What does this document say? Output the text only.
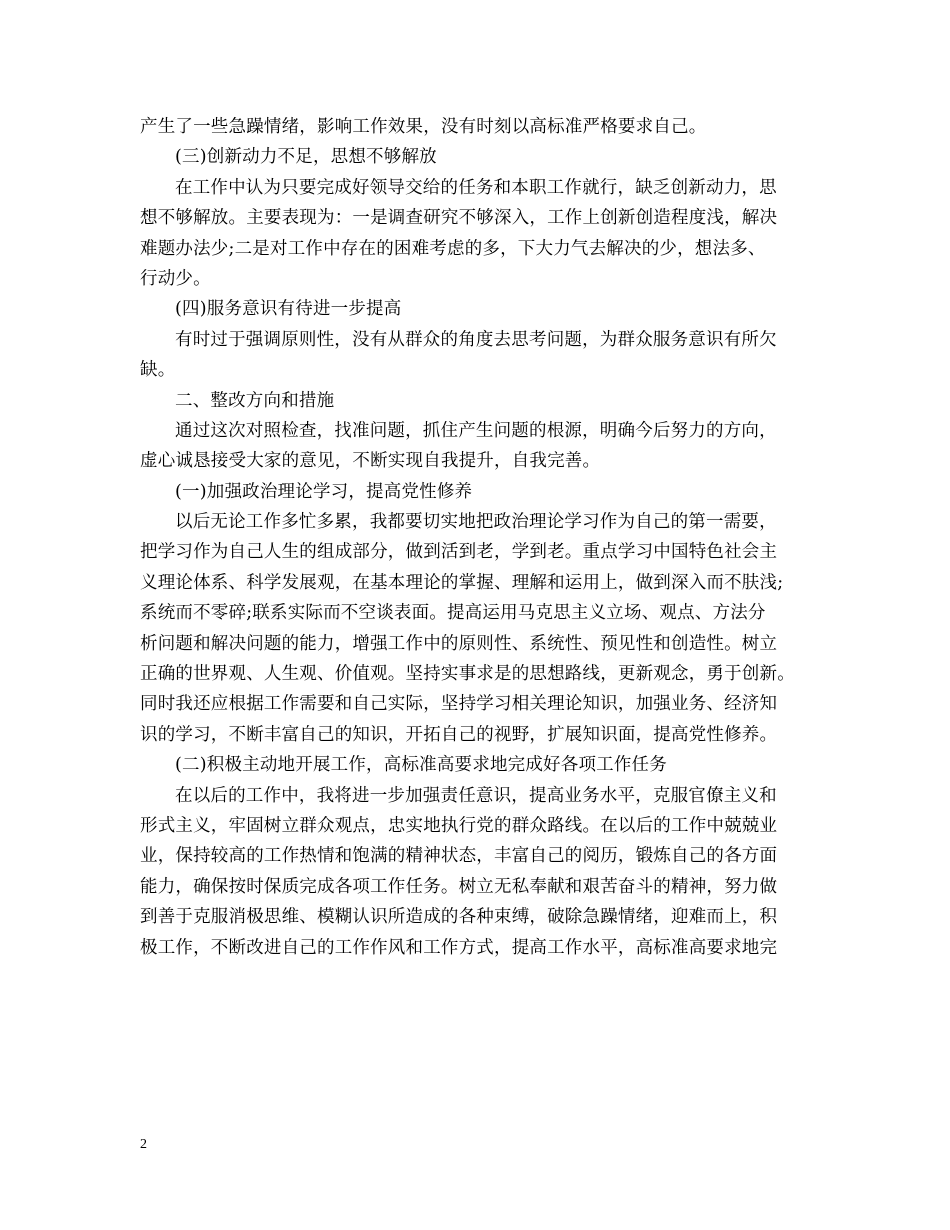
产生了一些急躁情绪，影响工作效果，没有时刻以高标准严格要求自己。
(三)创新动力不足，思想不够解放
在工作中认为只要完成好领导交给的任务和本职工作就行，缺乏创新动力，思
想不够解放。主要表现为：一是调查研究不够深入，工作上创新创造程度浅，解决
难题办法少;二是对工作中存在的困难考虑的多，下大力气去解决的少，想法多、
行动少。
(四)服务意识有待进一步提高
有时过于强调原则性，没有从群众的角度去思考问题，为群众服务意识有所欠
缺。
二、整改方向和措施
通过这次对照检查，找准问题，抓住产生问题的根源，明确今后努力的方向，
虚心诚恳接受大家的意见，不断实现自我提升，自我完善。
(一)加强政治理论学习，提高党性修养
以后无论工作多忙多累，我都要切实地把政治理论学习作为自己的第一需要，
把学习作为自己人生的组成部分，做到活到老，学到老。重点学习中国特色社会主
义理论体系、科学发展观，在基本理论的掌握、理解和运用上，做到深入而不肤浅;
系统而不零碎;联系实际而不空谈表面。提高运用马克思主义立场、观点、方法分
析问题和解决问题的能力，增强工作中的原则性、系统性、预见性和创造性。树立
正确的世界观、人生观、价值观。坚持实事求是的思想路线，更新观念，勇于创新。
同时我还应根据工作需要和自己实际，坚持学习相关理论知识，加强业务、经济知
识的学习，不断丰富自己的知识，开拓自己的视野，扩展知识面，提高党性修养。
(二)积极主动地开展工作，高标准高要求地完成好各项工作任务
在以后的工作中，我将进一步加强责任意识，提高业务水平，克服官僚主义和
形式主义，牢固树立群众观点，忠实地执行党的群众路线。在以后的工作中兢兢业
业，保持较高的工作热情和饱满的精神状态，丰富自己的阅历，锻炼自己的各方面
能力，确保按时保质完成各项工作任务。树立无私奉献和艰苦奋斗的精神，努力做
到善于克服消极思维、模糊认识所造成的各种束缚，破除急躁情绪，迎难而上，积
极工作，不断改进自己的工作作风和工作方式，提高工作水平，高标准高要求地完
2
